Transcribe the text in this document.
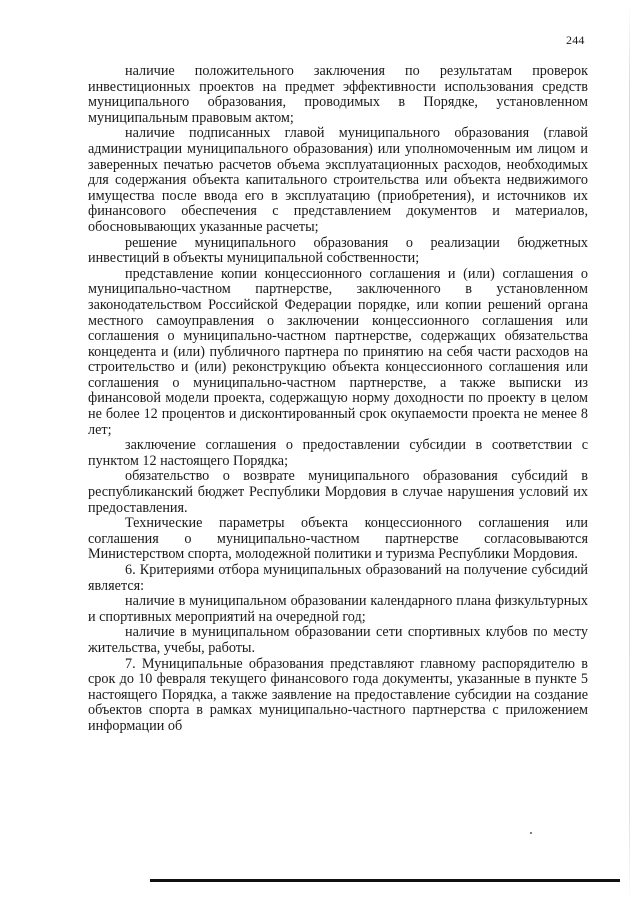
244

наличие положительного заключения по результатам проверок инвестиционных проектов на предмет эффективности использования средств муниципального образования, проводимых в Порядке, установленном муниципальным правовым актом;

наличие подписанных главой муниципального образования (главой администрации муниципального образования) или уполномоченным им лицом и заверенных печатью расчетов объема эксплуатационных расходов, необходимых для содержания объекта капитального строительства или объекта недвижимого имущества после ввода его в эксплуатацию (приобретения), и источников их финансового обеспечения с представлением документов и материалов, обосновывающих указанные расчеты;

решение муниципального образования о реализации бюджетных инвестиций в объекты муниципальной собственности;

представление копии концессионного соглашения и (или) соглашения о муниципально-частном партнерстве, заключенного в установленном законодательством Российской Федерации порядке, или копии решений органа местного самоуправления о заключении концессионного соглашения или соглашения о муниципально-частном партнерстве, содержащих обязательства концедента и (или) публичного партнера по принятию на себя части расходов на строительство и (или) реконструкцию объекта концессионного соглашения или соглашения о муниципально-частном партнерстве, а также выписки из финансовой модели проекта, содержащую норму доходности по проекту в целом не более 12 процентов и дисконтированный срок окупаемости проекта не менее 8 лет;

заключение соглашения о предоставлении субсидии в соответствии с пунктом 12 настоящего Порядка;

обязательство о возврате муниципального образования субсидий в республиканский бюджет Республики Мордовия в случае нарушения условий их предоставления.

Технические параметры объекта концессионного соглашения или соглашения о муниципально-частном партнерстве согласовываются Министерством спорта, молодежной политики и туризма Республики Мордовия.

6. Критериями отбора муниципальных образований на получение субсидий является:

наличие в муниципальном образовании календарного плана физкультурных и спортивных мероприятий на очередной год;

наличие в муниципальном образовании сети спортивных клубов по месту жительства, учебы, работы.

7. Муниципальные образования представляют главному распорядителю в срок до 10 февраля текущего финансового года документы, указанные в пункте 5 настоящего Порядка, а также заявление на предоставление субсидии на создание объектов спорта в рамках муниципально-частного партнерства с приложением информации об
